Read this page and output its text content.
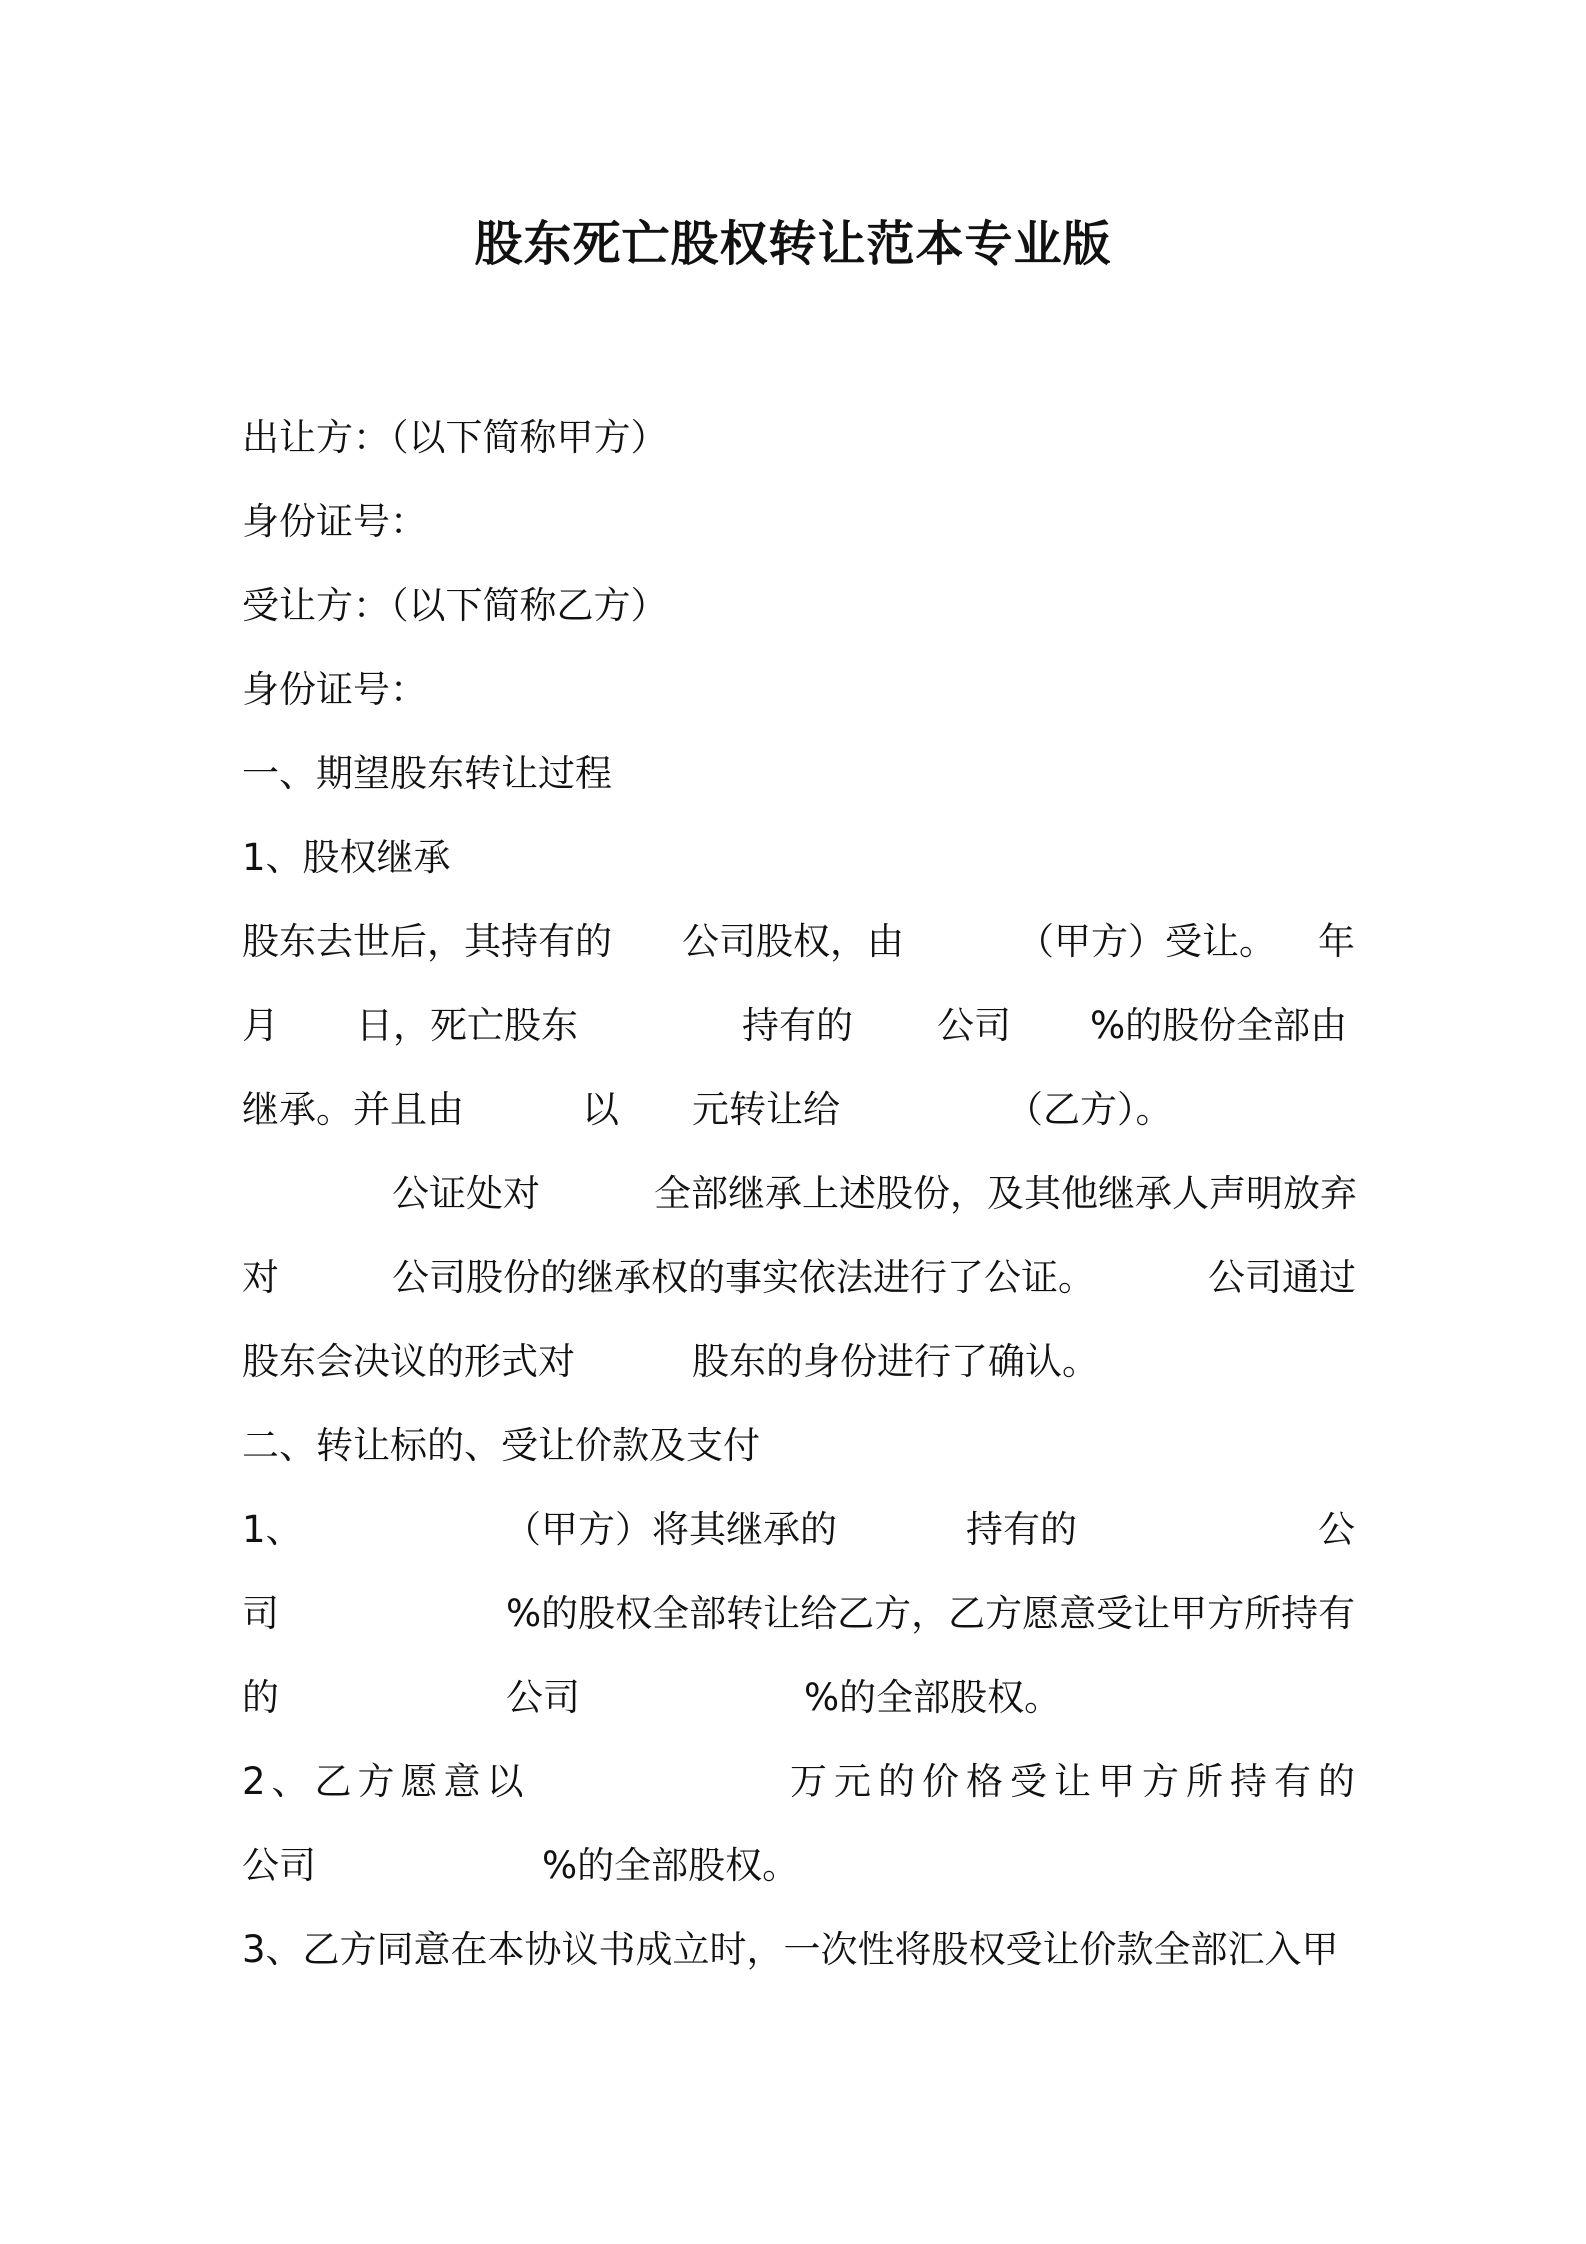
股东死亡股权转让范本专业版
出让方：（以下简称甲方）
身份证号：
受让方：（以下简称乙方）
身份证号：
一、期望股东转让过程
1、股权继承
股东去世后，其持有的 公司股权，由	（甲方）受让。 年
月 日，死亡股东	持有的 公司 %的股份全部由
继承。并且由	以 元转让给	（乙方）。
公证处对	全部继承上述股份，及其他继承人声明放弃
对	公司股份的继承权的事实依法进行了公证。	公司通过
股东会决议的形式对	股东的身份进行了确认。
二、转让标的、受让价款及支付
1、	（甲方）将其继承的	持有的	公
司	%的股权全部转让给乙方，乙方愿意受让甲方所持有
的	公司	%的全部股权。
2、乙方愿意以	万元的价格受让甲方所持有的
公司	%的全部股权。
3、乙方同意在本协议书成立时，一次性将股权受让价款全部汇入甲
